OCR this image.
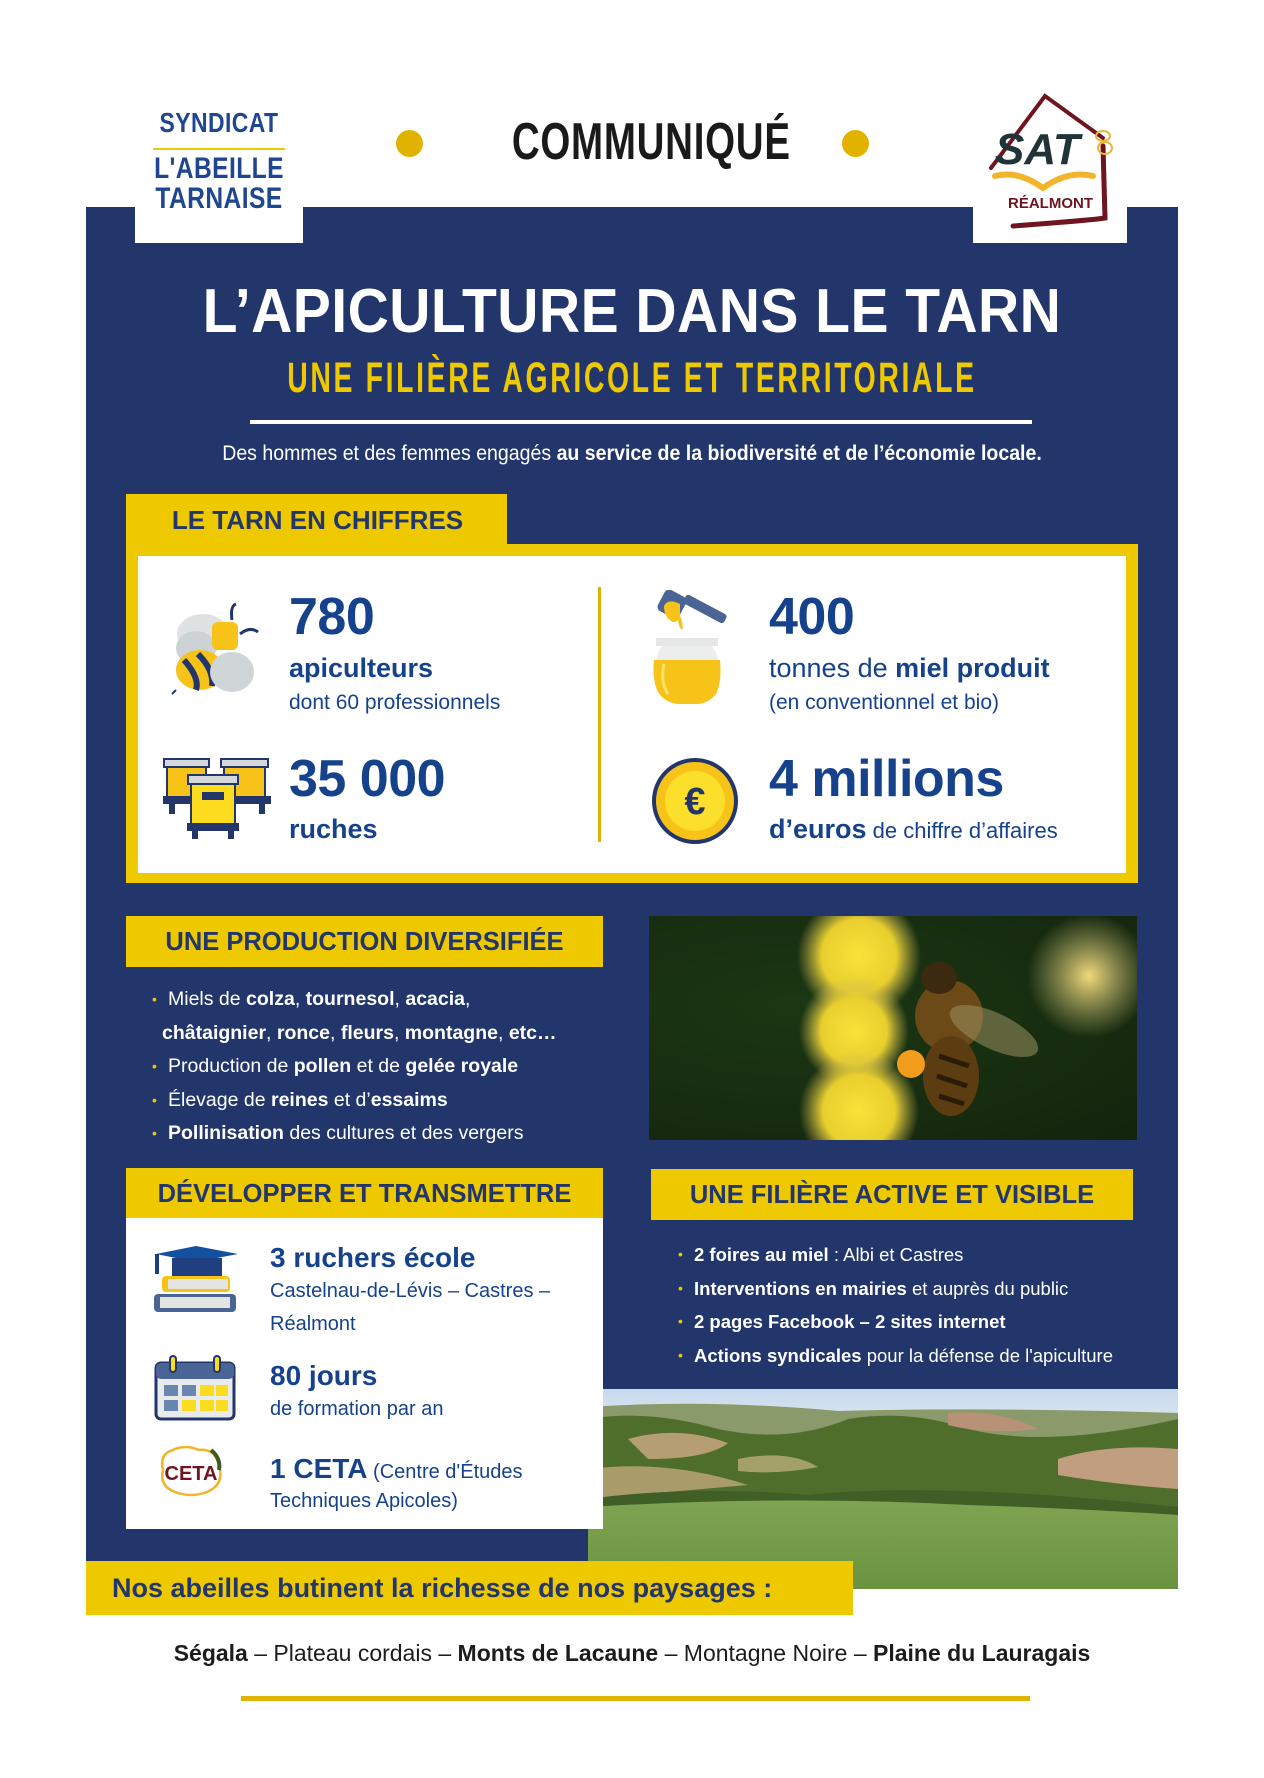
SYNDICAT
L'ABEILLE
TARNAISE
COMMUNIQUÉ	SAT
RÉALMONT
L’APICULTURE DANS LE TARN
UNE FILIÈRE AGRICOLE ET TERRITORIALE
Des hommes et des femmes engagés au service de la biodiversité et de l’économie locale.
LE TARN EN CHIFFRES
780
apiculteurs
dont 60 professionnels
35 000
ruches
400
tonnes de miel produit
(en conventionnel et bio)
€ 4 millions
d’euros de chiffre d’affaires
UNE PRODUCTION DIVERSIFIÉE
• Miels de colza, tournesol, acacia,
châtaignier, ronce, fleurs, montagne, etc…
• Production de pollen et de gelée royale
• Élevage de reines et d’essaims
• Pollinisation des cultures et des vergers
DÉVELOPPER ET TRANSMETTRE
3 ruchers école
Castelnau-de-Lévis – Castres –
Réalmont
80 jours
de formation par an
CETA 1 CETA (Centre d'Études
Techniques Apicoles)
UNE FILIÈRE ACTIVE ET VISIBLE
• 2 foires au miel : Albi et Castres
• Interventions en mairies et auprès du public
• 2 pages Facebook – 2 sites internet
• Actions syndicales pour la défense de l'apiculture
Nos abeilles butinent la richesse de nos paysages :
Ségala – Plateau cordais – Monts de Lacaune – Montagne Noire – Plaine du Lauragais
